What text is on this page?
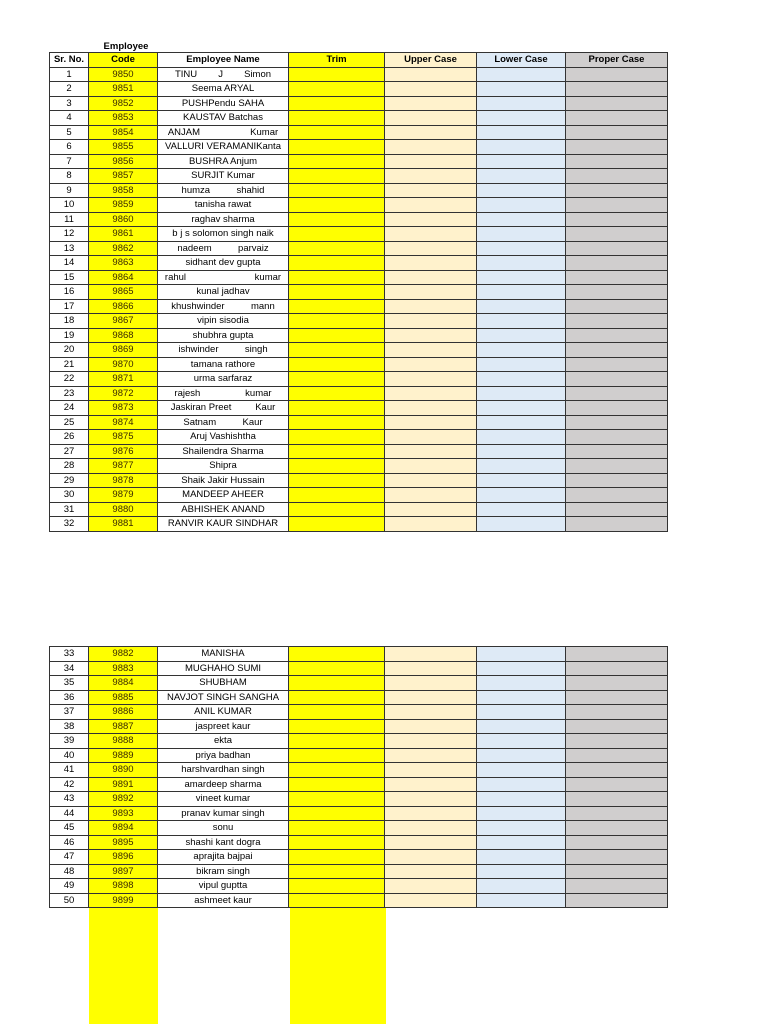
Employee
Sr. No.	Code	Employee Name	Trim	Upper Case	Lower Case	Proper Case
1	9850	TINU        J        Simon				
2	9851	Seema ARYAL				
3	9852	PUSHPendu SAHA				
4	9853	KAUSTAV Batchas				
5	9854	ANJAM                   Kumar				
6	9855	VALLURI VERAMANIKanta				
7	9856	BUSHRA Anjum				
8	9857	SURJIT Kumar				
9	9858	humza          shahid				
10	9859	tanisha rawat				
11	9860	raghav sharma				
12	9861	b j s solomon singh naik				
13	9862	nadeem          parvaiz				
14	9863	sidhant dev gupta				
15	9864	rahul                          kumar				
16	9865	kunal jadhav				
17	9866	khushwinder          mann				
18	9867	vipin sisodia				
19	9868	shubhra gupta				
20	9869	ishwinder          singh				
21	9870	tamana rathore				
22	9871	urma sarfaraz				
23	9872	rajesh                 kumar				
24	9873	Jaskiran Preet         Kaur				
25	9874	Satnam          Kaur				
26	9875	Aruj Vashishtha				
27	9876	Shailendra Sharma				
28	9877	Shipra				
29	9878	Shaik Jakir Hussain				
30	9879	MANDEEP AHEER				
31	9880	ABHISHEK ANAND				
32	9881	RANVIR KAUR SINDHAR				
33	9882	MANISHA				
34	9883	MUGHAHO SUMI				
35	9884	SHUBHAM				
36	9885	NAVJOT SINGH SANGHA				
37	9886	ANIL KUMAR				
38	9887	jaspreet kaur				
39	9888	ekta				
40	9889	priya badhan				
41	9890	harshvardhan singh				
42	9891	amardeep sharma				
43	9892	vineet kumar				
44	9893	pranav kumar singh				
45	9894	sonu				
46	9895	shashi kant dogra				
47	9896	aprajita bajpai				
48	9897	bikram singh				
49	9898	vipul guptta				
50	9899	ashmeet kaur				
